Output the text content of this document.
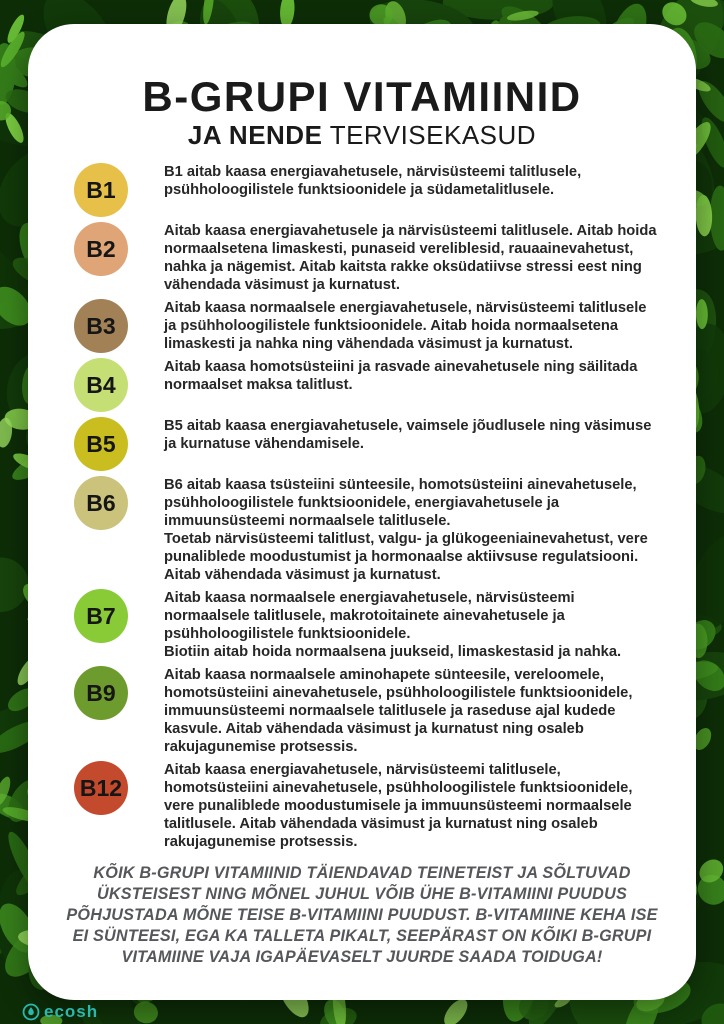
B-GRUPI VITAMIINID
JA NENDE TERVISEKASUD
B1

B1 aitab kaasa energiavahetusele, närvisüsteemi talitlusele, psühholoogilistele funktsioonidele ja südametalitlusele.

B2

Aitab kaasa energiavahetusele ja närvisüsteemi talitlusele. Aitab hoida normaalsetena limaskesti, punaseid vereliblesid, rauaainevahetust, nahka ja nägemist. Aitab kaitsta rakke oksüdatiivse stressi eest ning vähendada väsimust ja kurnatust.

B3

Aitab kaasa normaalsele energiavahetusele, närvisüsteemi talitlusele ja psühholoogilistele funktsioonidele. Aitab hoida normaalsetena limaskesti ja nahka ning vähendada väsimust ja kurnatust.

B4

Aitab kaasa homotsüsteiini ja rasvade ainevahetusele ning säilitada normaalset maksa talitlust.

B5

B5 aitab kaasa energiavahetusele, vaimsele jõudlusele ning väsimuse ja kurnatuse vähendamisele.

B6

B6 aitab kaasa tsüsteiini sünteesile, homotsüsteiini ainevahetusele, psühholoogilistele funktsioonidele, energiavahetusele ja immuunsüsteemi normaalsele talitlusele.

Toetab närvisüsteemi talitlust, valgu- ja glükogeeniainevahetust, vere punaliblede moodustumist ja hormonaalse aktiivsuse regulatsiooni. Aitab vähendada väsimust ja kurnatust.

B7

Aitab kaasa normaalsele energiavahetusele, närvisüsteemi normaalsele talitlusele, makrotoitainete ainevahetusele ja psühholoogilistele funktsioonidele.

Biotiin aitab hoida normaalsena juukseid, limaskestasid ja nahka.

B9

Aitab kaasa normaalsele aminohapete sünteesile, vereloomele, homotsüsteiini ainevahetusele, psühholoogilistele funktsioonidele, immuunsüsteemi normaalsele talitlusele ja raseduse ajal kudede kasvule. Aitab vähendada väsimust ja kurnatust ning osaleb rakujagunemise protsessis.

B12

Aitab kaasa energiavahetusele, närvisüsteemi talitlusele, homotsüsteiini ainevahetusele, psühholoogilistele funktsioonidele, vere punaliblede moodustumisele ja immuunsüsteemi normaalsele talitlusele. Aitab vähendada väsimust ja kurnatust ning osaleb rakujagunemise protsessis.

KÕIK B-GRUPI VITAMIINID TÄIENDAVAD TEINETEIST JA SÕLTUVAD ÜKSTEISEST NING MÕNEL JUHUL VÕIB ÜHE B-VITAMIINI PUUDUS PÕHJUSTADA MÕNE TEISE B-VITAMIINI PUUDUST. B-VITAMIINE KEHA ISE EI SÜNTEESI, EGA KA TALLETA PIKALT, SEEPÄRAST ON KÕIKI B-GRUPI VITAMIINE VAJA IGAPÄEVASELT JUURDE SAADA TOIDUGA!

ecosh
